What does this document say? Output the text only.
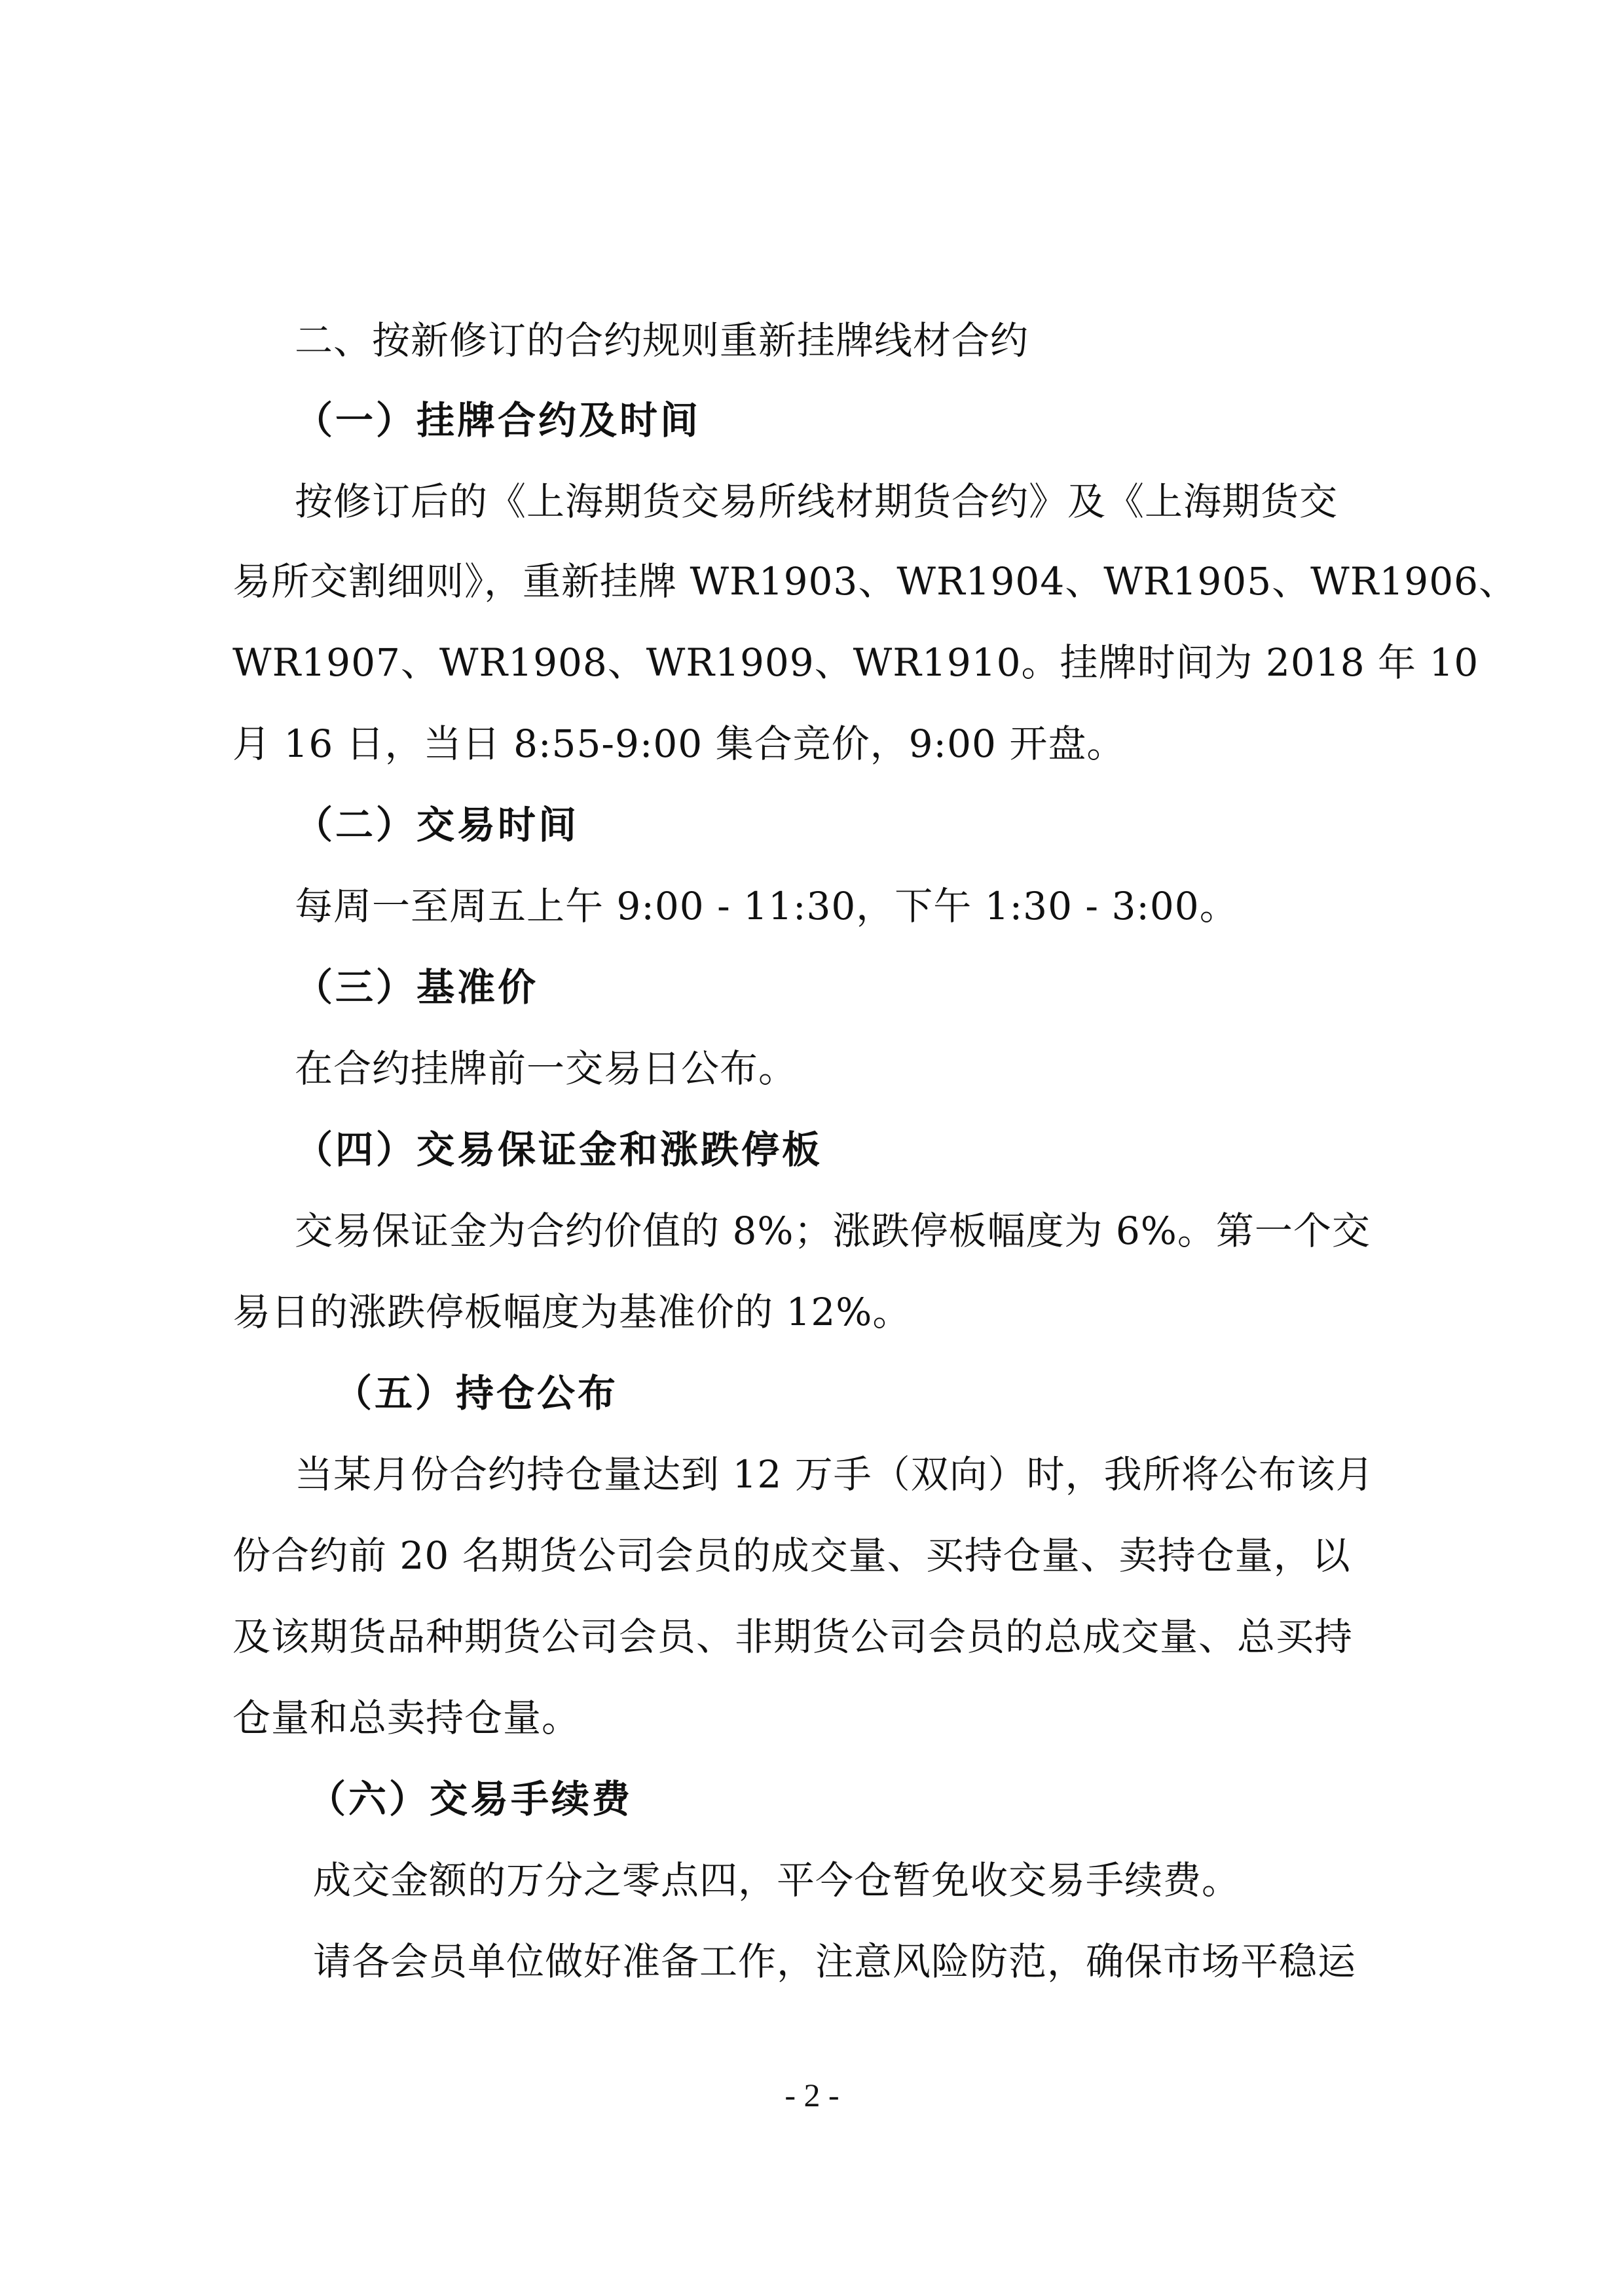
二、按新修订的合约规则重新挂牌线材合约
（一）挂牌合约及时间
按修订后的《上海期货交易所线材期货合约》及《上海期货交
易所交割细则》，重新挂牌 WR1903、WR1904、WR1905、WR1906、
WR1907、WR1908、WR1909、WR1910。挂牌时间为 2018 年 10
月 16 日，当日 8:55-9:00 集合竞价，9:00 开盘。
（二）交易时间
每周一至周五上午 9:00 - 11:30，下午 1:30 - 3:00。
（三）基准价
在合约挂牌前一交易日公布。
（四）交易保证金和涨跌停板
交易保证金为合约价值的 8%；涨跌停板幅度为 6%。第一个交
易日的涨跌停板幅度为基准价的 12%。
（五）持仓公布
当某月份合约持仓量达到 12 万手（双向）时，我所将公布该月
份合约前 20 名期货公司会员的成交量、买持仓量、卖持仓量，以
及该期货品种期货公司会员、非期货公司会员的总成交量、总买持
仓量和总卖持仓量。
（六）交易手续费
成交金额的万分之零点四，平今仓暂免收交易手续费。
请各会员单位做好准备工作，注意风险防范，确保市场平稳运
- 2 -
